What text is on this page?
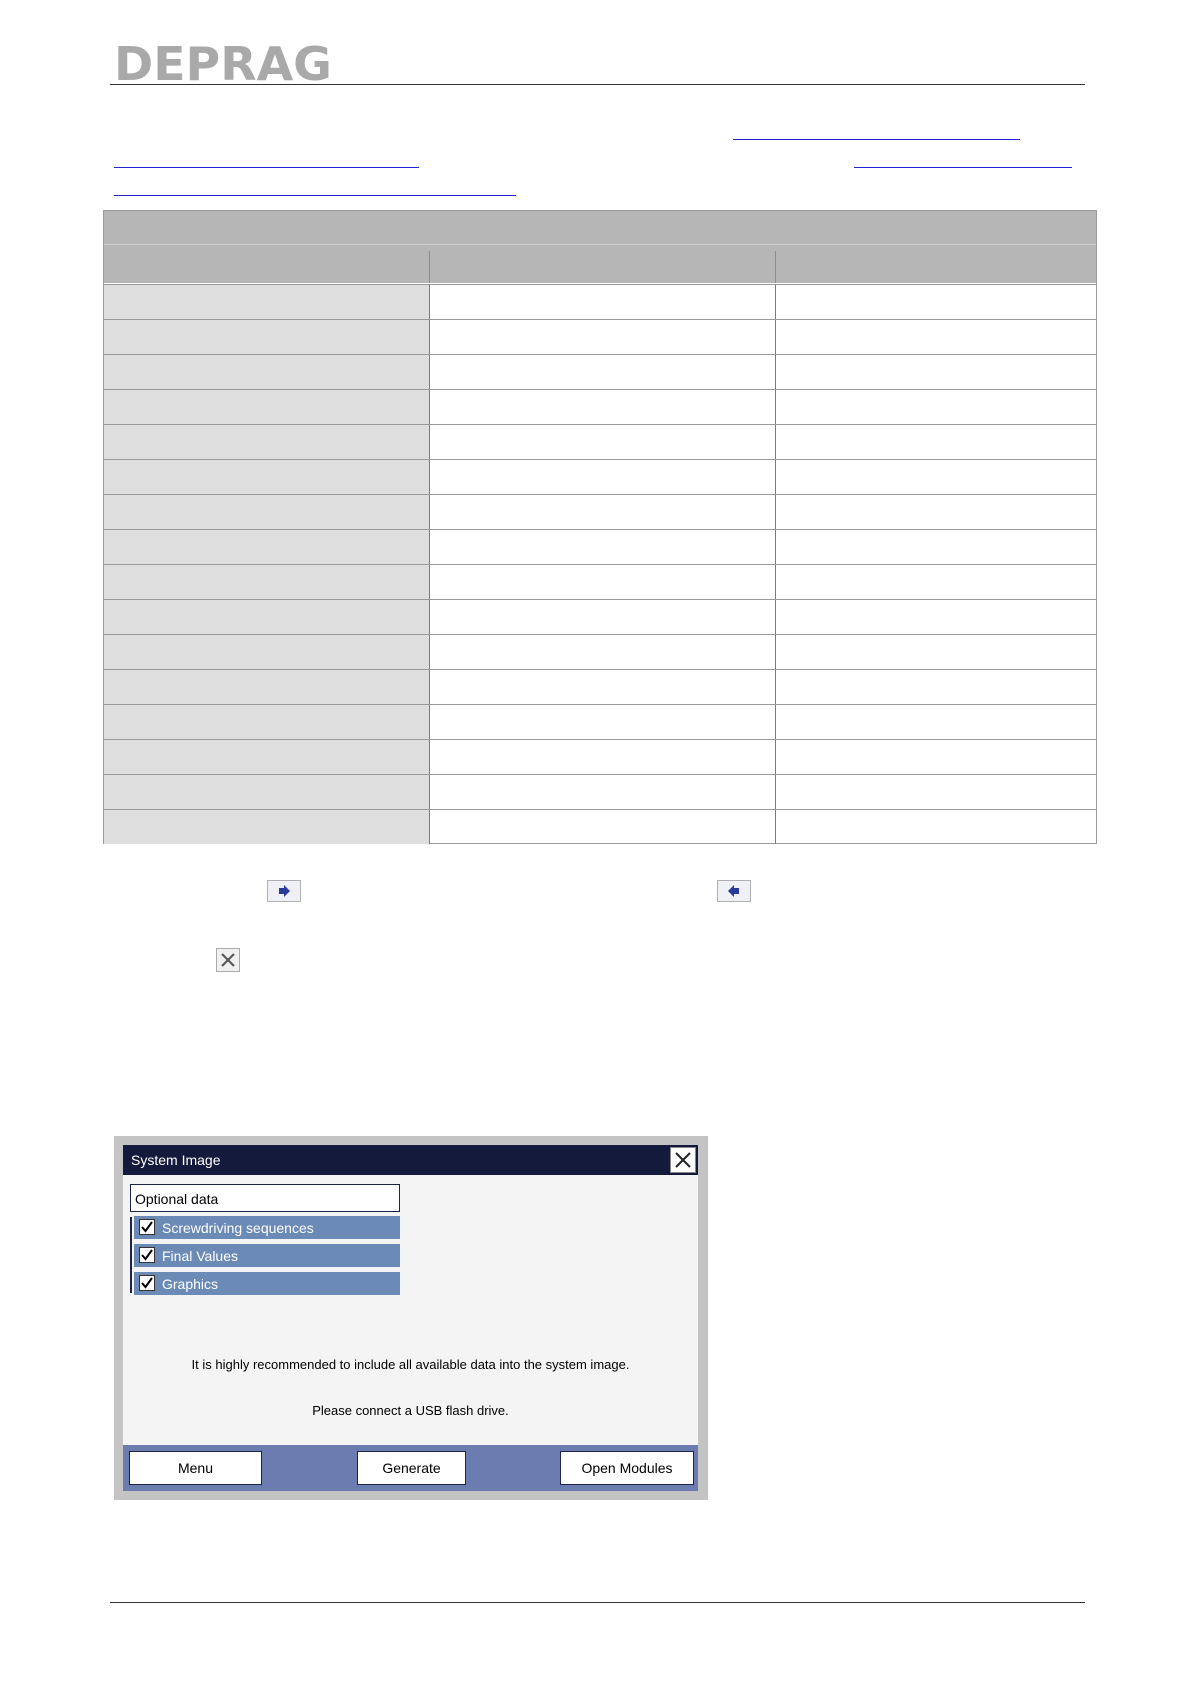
DEPRAG
System Image
Optional data
Screwdriving sequences
Final Values
Graphics
It is highly recommended to include all available data into the system image.
Please connect a USB flash drive.
Menu	Generate	Open Modules
